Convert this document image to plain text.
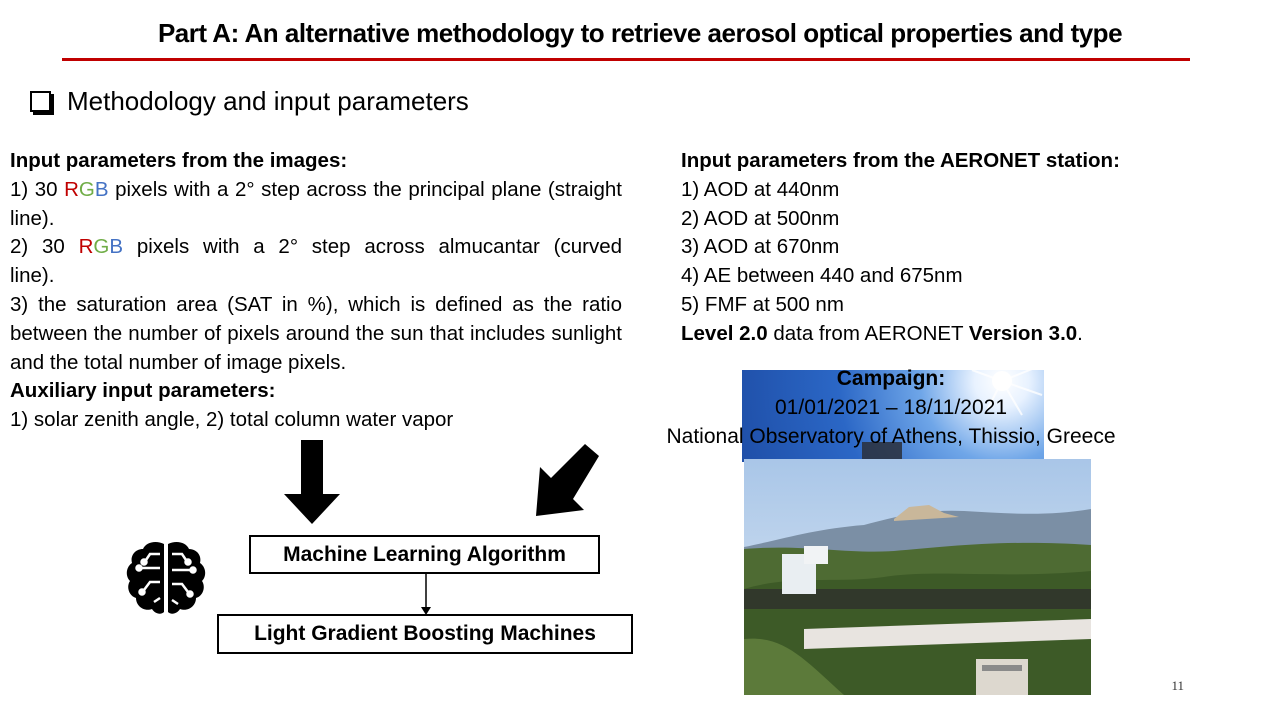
Part A: An alternative methodology to retrieve aerosol optical properties and type
Methodology and input parameters

Input parameters from the images:

1) 30 RGB pixels with a 2° step across the principal plane (straight line).

2) 30 RGB pixels with a 2° step across almucantar (curved line).

3) the saturation area (SAT in %), which is defined as the ratio between the number of pixels around the sun that includes sunlight and the total number of image pixels.

Auxiliary input parameters:

1) solar zenith angle, 2) total column water vapor

Input parameters from the AERONET station:

1) AOD at 440nm

2) AOD at 500nm

3) AOD at 670nm

4) AE between 440 and 675nm

5) FMF at 500 nm

Level 2.0 data from AERONET Version 3.0.

Machine Learning Algorithm
Light Gradient Boosting Machines
Campaign:
01/01/2021 – 18/11/2021
National Observatory of Athens, Thissio, Greece
11
